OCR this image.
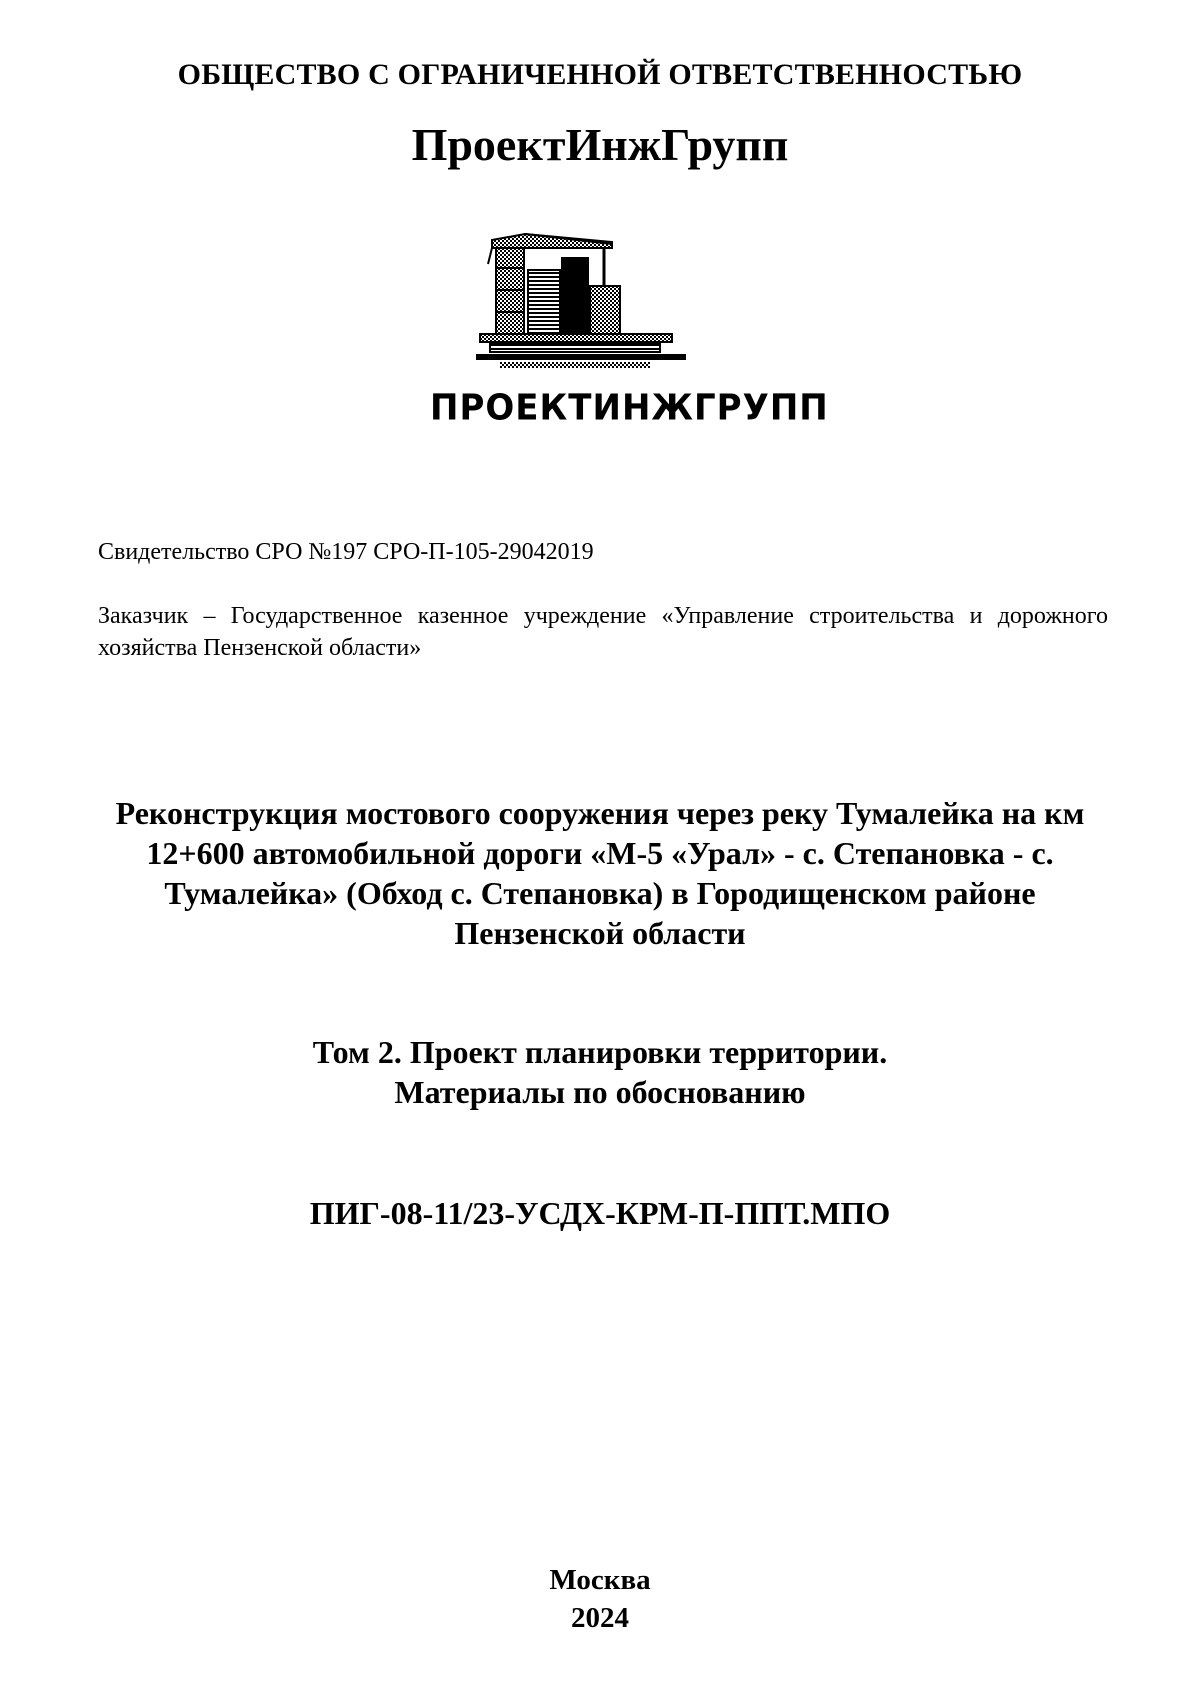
ОБЩЕСТВО С ОГРАНИЧЕННОЙ ОТВЕТСТВЕННОСТЬЮ
ПроектИнжГрупп
ПРОЕКТИНЖГРУПП
Свидетельство СРО №197 СРО-П-105-29042019
Заказчик – Государственное казенное учреждение «Управление строительства и дорожного хозяйства Пензенской области»
Реконструкция мостового сооружения через реку Тумалейка на км
12+600 автомобильной дороги «М-5 «Урал» - с. Степановка - с.
Тумалейка» (Обход с. Степановка) в Городищенском районе
Пензенской области
Том 2. Проект планировки территории.
Материалы по обоснованию
ПИГ-08-11/23-УСДХ-КРМ-П-ППТ.МПО
Москва
2024
